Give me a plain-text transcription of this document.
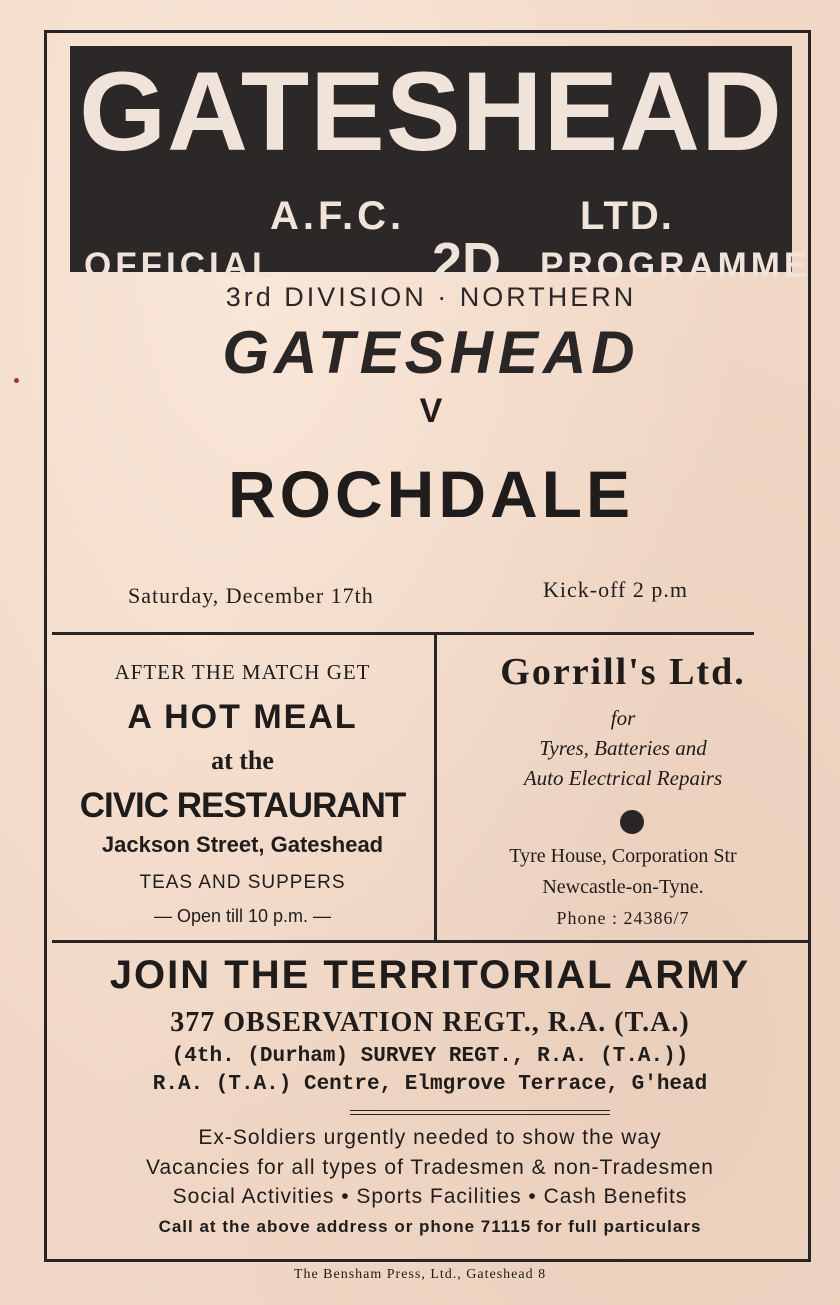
GATESHEAD
A.F.C.	LTD.
OFFICIAL	2D PROGRAMME
3rd DIVISION · NORTHERN
GATESHEAD
V
ROCHDALE
Saturday, December 17th	Kick-off 2 p.m
AFTER THE MATCH GET
A HOT MEAL
at the
CIVIC RESTAURANT
Jackson Street, Gateshead
TEAS AND SUPPERS
— Open till 10 p.m. —
Gorrill's Ltd.
for
Tyres, Batteries and
Auto Electrical Repairs
Tyre House, Corporation Str
Newcastle-on-Tyne.
Phone : 24386/7
JOIN THE TERRITORIAL ARMY
377 OBSERVATION REGT., R.A. (T.A.)
(4th. (Durham) SURVEY REGT., R.A. (T.A.))
R.A. (T.A.) Centre, Elmgrove Terrace, G'head
Ex-Soldiers urgently needed to show the way
Vacancies for all types of Tradesmen & non-Tradesmen
Social Activities • Sports Facilities • Cash Benefits
Call at the above address or phone 71115 for full particulars
The Bensham Press, Ltd., Gateshead 8
